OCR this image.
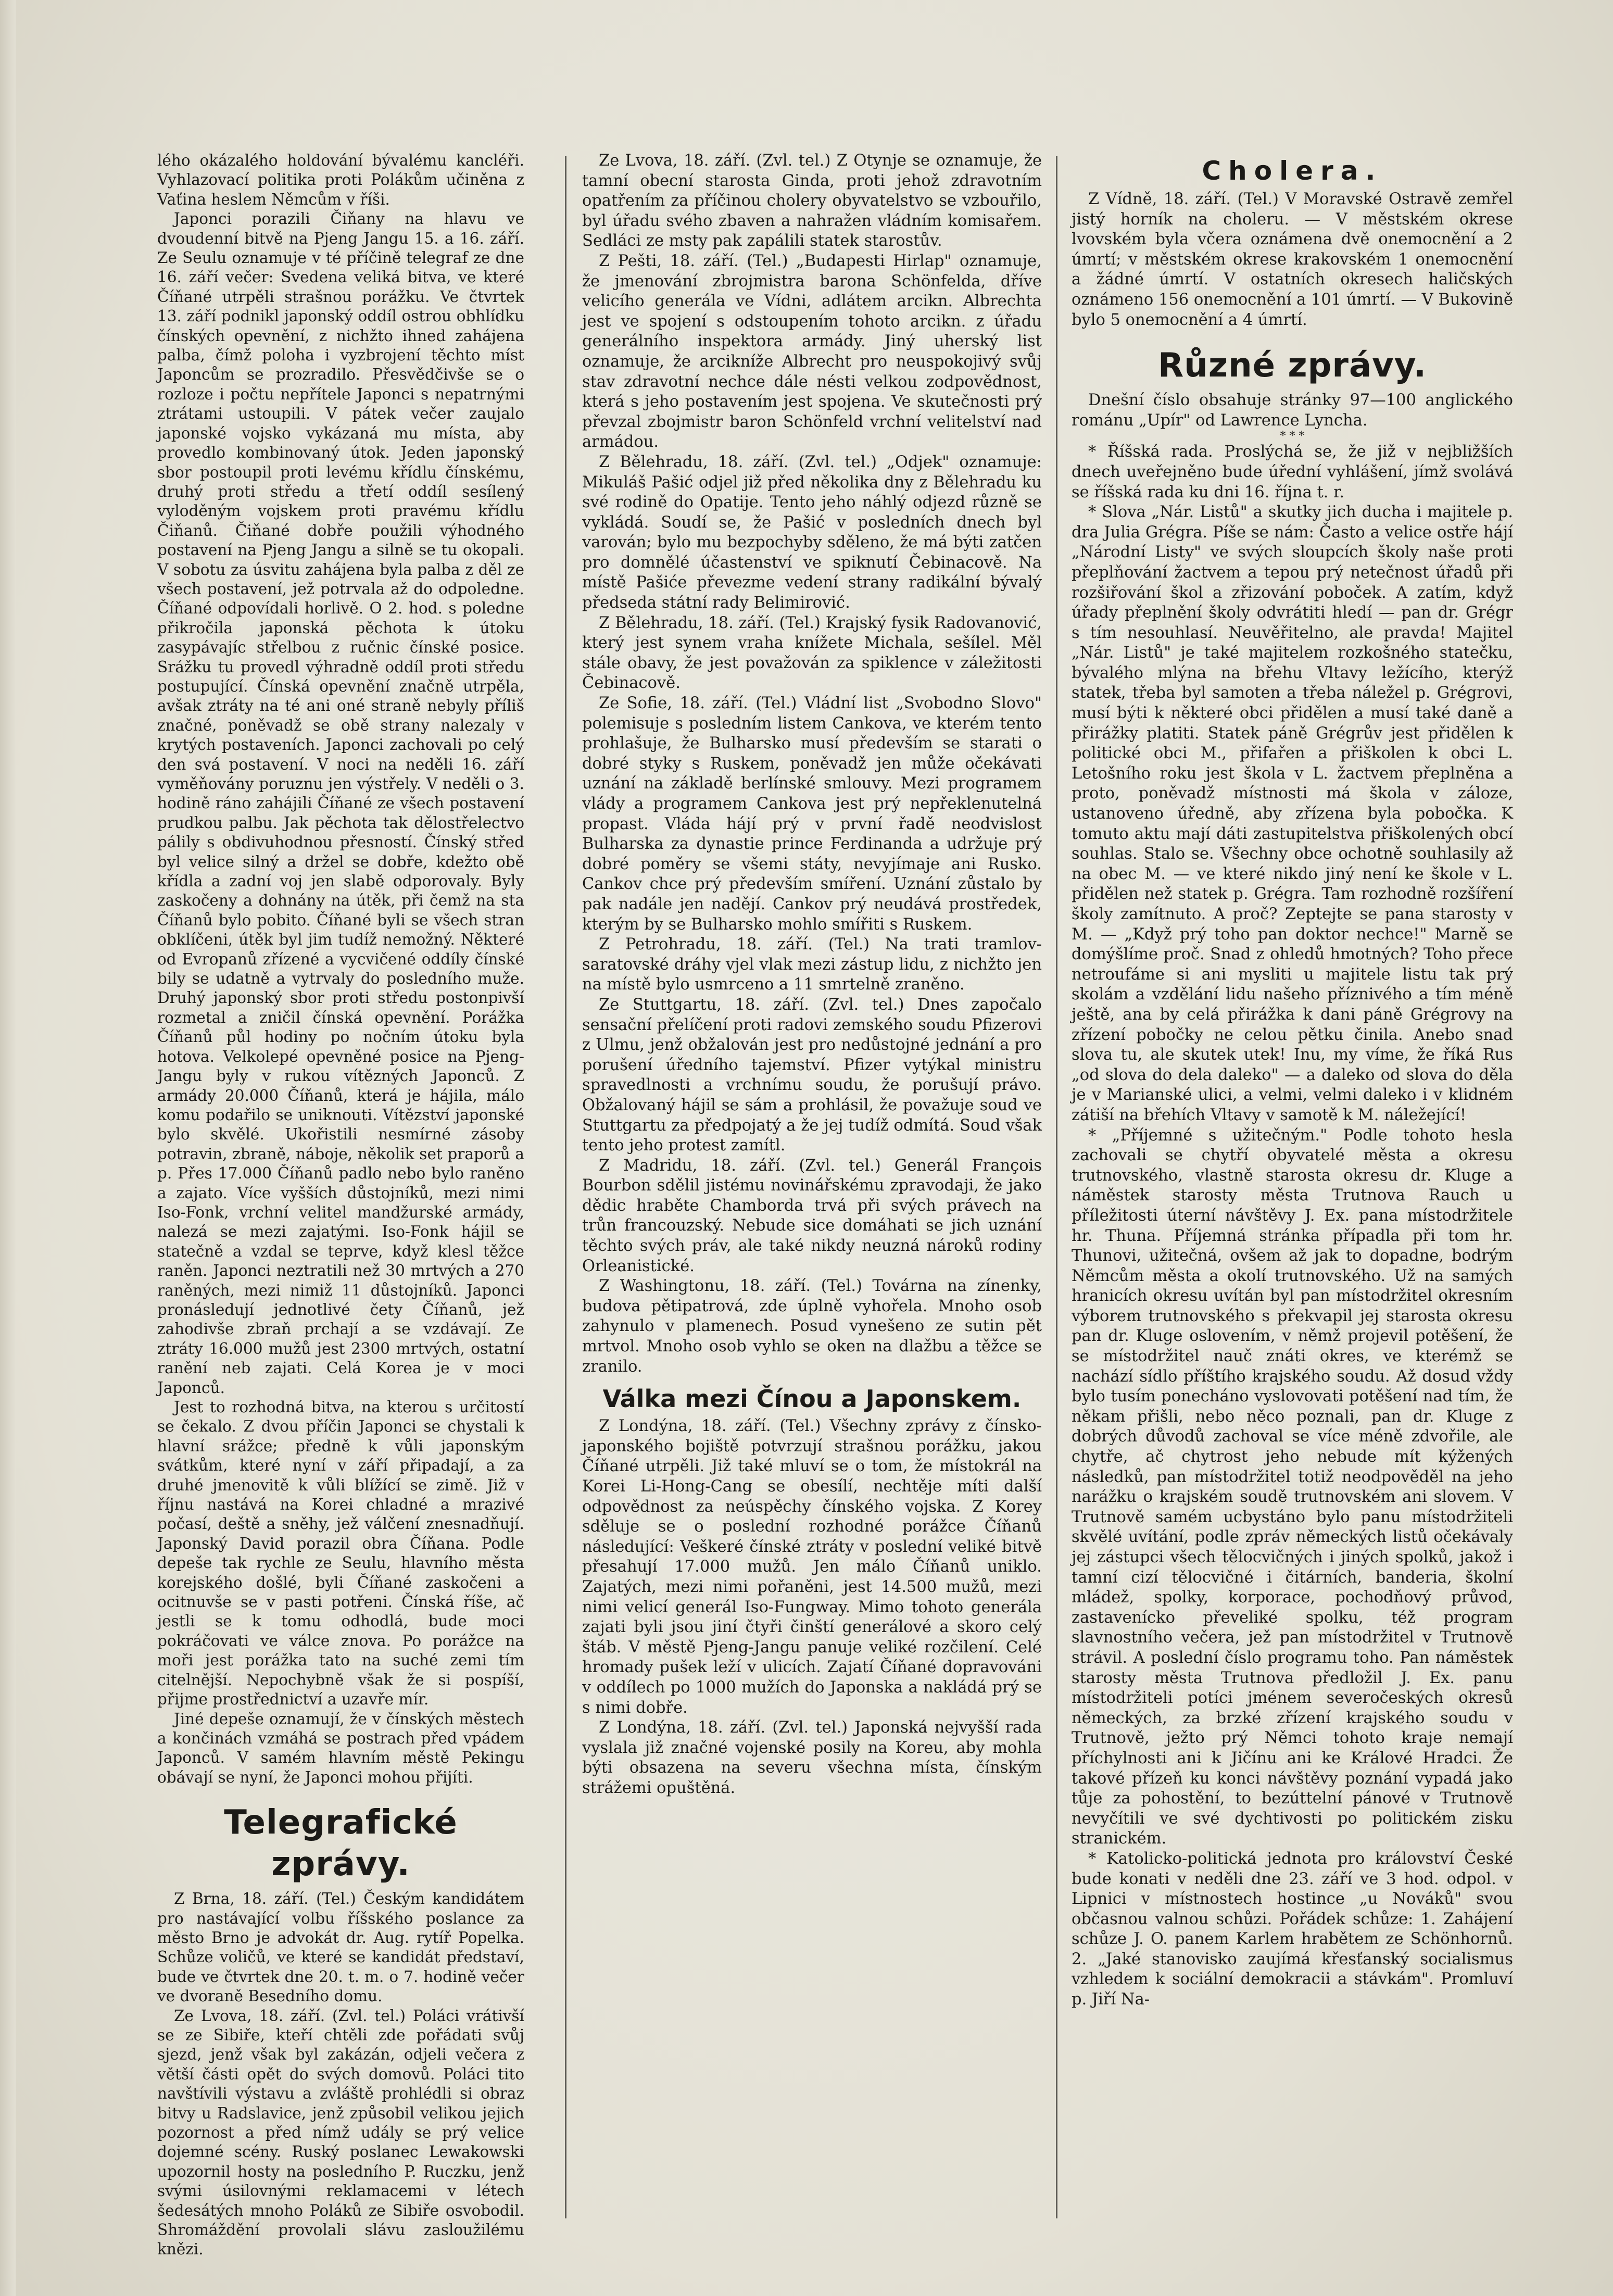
lého okázalého holdování bývalému kancléři. Vyhlazovací politika proti Polákům učiněna z Vaťina heslem Němcům v říši.

Japonci porazili Čiňany na hlavu ve dvoudenní bitvě na Pjeng Jangu 15. a 16. září. Ze Seulu oznamuje v té příčině telegraf ze dne 16. září večer: Svedena veliká bitva, ve které Číňané utrpěli strašnou porážku. Ve čtvrtek 13. září podnikl japonský oddíl ostrou obhlídku čínských opevnění, z nichžto ihned zahájena palba, čímž poloha i vyzbrojení těchto míst Japoncům se prozradilo. Přesvědčivše se o rozloze i počtu nepřítele Japonci s nepatrnými ztrátami ustoupili. V pátek večer zaujalo japonské vojsko vykázaná mu místa, aby provedlo kombinovaný útok. Jeden japonský sbor postoupil proti levému křídlu čínskému, druhý proti středu a třetí oddíl sesílený vyloděným vojskem proti pravému křídlu Čiňanů. Čiňané dobře použili výhodného postavení na Pjeng Jangu a silně se tu okopali. V sobotu za úsvitu zahájena byla palba z děl ze všech postavení, jež potrvala až do odpoledne. Číňané odpovídali horlivě. O 2. hod. s poledne přikročila japonská pěchota k útoku zasypávajíc střelbou z ručnic čínské posice. Srážku tu provedl výhradně oddíl proti středu postupující. Čínská opevnění značně utrpěla, avšak ztráty na té ani oné straně nebyly příliš značné, poněvadž se obě strany nalezaly v krytých postaveních. Japonci zachovali po celý den svá postavení. V noci na neděli 16. září vyměňovány poruznu jen výstřely. V neděli o 3. hodině ráno zahájili Číňané ze všech postavení prudkou palbu. Jak pěchota tak dělostřelectvo pálily s obdivuhodnou přesností. Čínský střed byl velice silný a držel se dobře, kdežto obě křídla a zadní voj jen slabě odporovaly. Byly zaskočeny a dohnány na útěk, při čemž na sta Číňanů bylo pobito. Číňané byli se všech stran obklíčeni, útěk byl jim tudíž nemožný. Některé od Evropanů zřízené a vycvičené oddíly čínské bily se udatně a vytrvaly do posledního muže. Druhý japonský sbor proti středu postonpivší rozmetal a zničil čínská opevnění. Porážka Číňanů půl hodiny po nočním útoku byla hotova. Velkolepé opevněné posice na Pjeng-Jangu byly v rukou vítězných Japonců. Z armády 20.000 Číňanů, která je hájila, málo komu podařilo se uniknouti. Vítězství japonské bylo skvělé. Ukořistili nesmírné zásoby potravin, zbraně, náboje, několik set praporů a p. Přes 17.000 Číňanů padlo nebo bylo raněno a zajato. Více vyšších důstojníků, mezi nimi Iso-Fonk, vrchní velitel mandžurské armády, nalezá se mezi zajatými. Iso-Fonk hájil se statečně a vzdal se teprve, když klesl těžce raněn. Japonci neztratili než 30 mrtvých a 270 raněných, mezi nimiž 11 důstojníků. Japonci pronásledují jednotlivé čety Číňanů, jež zahodivše zbraň prchají a se vzdávají. Ze ztráty 16.000 mužů jest 2300 mrtvých, ostatní ranění neb zajati. Celá Korea je v moci Japonců.

Jest to rozhodná bitva, na kterou s určitostí se čekalo. Z dvou příčin Japonci se chystali k hlavní srážce; předně k vůli japonským svátkům, které nyní v září připadají, a za druhé jmenovitě k vůli blížící se zimě. Již v říjnu nastává na Korei chladné a mrazivé počasí, deště a sněhy, jež válčení znesnadňují. Japonský David porazil obra Číňana. Podle depeše tak rychle ze Seulu, hlavního města korejského došlé, byli Číňané zaskočeni a ocitnuvše se v pasti potřeni. Čínská říše, ač jestli se k tomu odhodlá, bude moci pokráčovati ve válce znova. Po porážce na moři jest porážka tato na suché zemi tím citelnější. Nepochybně však že si pospíší, přijme prostřednictví a uzavře mír.

Jiné depeše oznamují, že v čínských městech a končinách vzmáhá se postrach před vpádem Japonců. V samém hlavním městě Pekingu obávají se nyní, že Japonci mohou přijíti.

Telegrafické zprávy.

Z Brna, 18. září. (Tel.) Českým kandidátem pro nastávající volbu říšského poslance za město Brno je advokát dr. Aug. rytíř Popelka. Schůze voličů, ve které se kandidát představí, bude ve čtvrtek dne 20. t. m. o 7. hodině večer ve dvoraně Besedního domu.

Ze Lvova, 18. září. (Zvl. tel.) Poláci vrátivší se ze Sibiře, kteří chtěli zde pořádati svůj sjezd, jenž však byl zakázán, odjeli večera z větší části opět do svých domovů. Poláci tito navštívili výstavu a zvláště prohlédli si obraz bitvy u Radslavice, jenž způsobil velikou jejich pozornost a před nímž udály se prý velice dojemné scény. Ruský poslanec Lewakowski upozornil hosty na posledního P. Ruczku, jenž svými úsilovnými reklamacemi v létech šedesátých mnoho Poláků ze Sibiře osvobodil. Shromáždění provolali slávu zasloužilému knězi.

Ze Lvova, 18. září. (Zvl. tel.) Z Otynje se oznamuje, že tamní obecní starosta Ginda, proti jehož zdravotním opatřením za příčinou cholery obyvatelstvo se vzbouřilo, byl úřadu svého zbaven a nahražen vládním komisařem. Sedláci ze msty pak zapálili statek starostův.

Z Pešti, 18. září. (Tel.) „Budapesti Hirlap" oznamuje, že jmenování zbrojmistra barona Schönfelda, dříve velicího generála ve Vídni, adlátem arcikn. Albrechta jest ve spojení s odstoupením tohoto arcikn. z úřadu generálního inspektora armády. Jiný uherský list oznamuje, že arcikníže Albrecht pro neuspokojivý svůj stav zdravotní nechce dále nésti velkou zodpovědnost, která s jeho postavením jest spojena. Ve skutečnosti prý převzal zbojmistr baron Schönfeld vrchní velitelství nad armádou.

Z Bělehradu, 18. září. (Zvl. tel.) „Odjek" oznamuje: Mikuláš Pašić odjel již před několika dny z Bělehradu ku své rodině do Opatije. Tento jeho náhlý odjezd různě se vykládá. Soudí se, že Pašić v posledních dnech byl varován; bylo mu bezpochyby sděleno, že má býti zatčen pro domnělé účastenství ve spiknutí Čebinacově. Na místě Pašiće převezme vedení strany radikální bývalý předseda státní rady Belimirović.

Z Bělehradu, 18. září. (Tel.) Krajský fysik Radovanović, který jest synem vraha knížete Michala, sešílel. Měl stále obavy, že jest považován za spiklence v záležitosti Čebinacově.

Ze Sofie, 18. září. (Tel.) Vládní list „Svobodno Slovo" polemisuje s posledním listem Cankova, ve kterém tento prohlašuje, že Bulharsko musí především se starati o dobré styky s Ruskem, poněvadž jen může očekávati uznání na základě berlínské smlouvy. Mezi programem vlády a programem Cankova jest prý nepřeklenutelná propast. Vláda hájí prý v první řadě neodvislost Bulharska za dynastie prince Ferdinanda a udržuje prý dobré poměry se všemi státy, nevyjímaje ani Rusko. Cankov chce prý především smíření. Uznání zůstalo by pak nadále jen nadějí. Cankov prý neudává prostředek, kterým by se Bulharsko mohlo smířiti s Ruskem.

Z Petrohradu, 18. září. (Tel.) Na trati tramlov-saratovské dráhy vjel vlak mezi zástup lidu, z nichžto jen na místě bylo usmrceno a 11 smrtelně zraněno.

Ze Stuttgartu, 18. září. (Zvl. tel.) Dnes započalo sensační přelíčení proti radovi zemského soudu Pfizerovi z Ulmu, jenž obžalován jest pro nedůstojné jednání a pro porušení úředního tajemství. Pfizer vytýkal ministru spravedlnosti a vrchnímu soudu, že porušují právo. Obžalovaný hájil se sám a prohlásil, že považuje soud ve Stuttgartu za předpojatý a že jej tudíž odmítá. Soud však tento jeho protest zamítl.

Z Madridu, 18. září. (Zvl. tel.) Generál François Bourbon sdělil jistému novinářskému zpravodaji, že jako dědic hraběte Chamborda trvá při svých právech na trůn francouzský. Nebude sice domáhati se jich uznání těchto svých práv, ale také nikdy neuzná nároků rodiny Orleanistické.

Z Washingtonu, 18. září. (Tel.) Továrna na zínenky, budova pětipatrová, zde úplně vyhořela. Mnoho osob zahynulo v plamenech. Posud vynešeno ze sutin pět mrtvol. Mnoho osob vyhlo se oken na dlažbu a těžce se zranilo.

Válka mezi Čínou a Japonskem.

Z Londýna, 18. září. (Tel.) Všechny zprávy z čínsko-japonského bojiště potvrzují strašnou porážku, jakou Číňané utrpěli. Již také mluví se o tom, že místokrál na Korei Li-Hong-Cang se obesílí, nechtěje míti další odpovědnost za neúspěchy čínského vojska. Z Korey sděluje se o poslední rozhodné porážce Číňanů následující: Veškeré čínské ztráty v poslední veliké bitvě přesahují 17.000 mužů. Jen málo Číňanů uniklo. Zajatých, mezi nimi pořaněni, jest 14.500 mužů, mezi nimi velicí generál Iso-Fungway. Mimo tohoto generála zajati byli jsou jiní čtyři činští generálové a skoro celý štáb. V městě Pjeng-Jangu panuje veliké rozčilení. Celé hromady pušek leží v ulicích. Zajatí Číňané dopravováni v oddílech po 1000 mužích do Japonska a nakládá prý se s nimi dobře.

Z Londýna, 18. září. (Zvl. tel.) Japonská nejvyšší rada vyslala již značné vojenské posily na Koreu, aby mohla býti obsazena na severu všechna místa, čínským strážemi opuštěná.

Cholera.

Z Vídně, 18. září. (Tel.) V Moravské Ostravě zemřel jistý horník na choleru. — V městském okrese lvovském byla včera oznámena dvě onemocnění a 2 úmrtí; v městském okrese krakovském 1 onemocnění a žádné úmrtí. V ostatních okresech haličských oznámeno 156 onemocnění a 101 úmrtí. — V Bukovině bylo 5 onemocnění a 4 úmrtí.

Různé zprávy.

Dnešní číslo obsahuje stránky 97—100 anglického románu „Upír" od Lawrence Lyncha.

* * *

* Říšská rada. Proslýchá se, že již v nejbližších dnech uveřejněno bude úřední vyhlášení, jímž svolává se říšská rada ku dni 16. října t. r.

* Slova „Nár. Listů" a skutky jich ducha i majitele p. dra Julia Grégra. Píše se nám: Často a velice ostře hájí „Národní Listy" ve svých sloupcích školy naše proti přeplňování žactvem a tepou prý netečnost úřadů při rozšiřování škol a zřizování poboček. A zatím, když úřady přeplnění školy odvrátiti hledí — pan dr. Grégr s tím nesouhlasí. Neuvěřitelno, ale pravda! Majitel „Nár. Listů" je také majitelem rozkošného statečku, bývalého mlýna na břehu Vltavy ležícího, kterýž statek, třeba byl samoten a třeba náležel p. Grégrovi, musí býti k některé obci přidělen a musí také daně a přirážky platiti. Statek páně Grégrův jest přidělen k politické obci M., přifařen a přiškolen k obci L. Letošního roku jest škola v L. žactvem přeplněna a proto, poněvadž místnosti má škola v záloze, ustanoveno úředně, aby zřízena byla pobočka. K tomuto aktu mají dáti zastupitelstva přiškolených obcí souhlas. Stalo se. Všechny obce ochotně souhlasily až na obec M. — ve které nikdo jiný není ke škole v L. přidělen než statek p. Grégra. Tam rozhodně rozšíření školy zamítnuto. A proč? Zeptejte se pana starosty v M. — „Když prý toho pan doktor nechce!" Marně se domýšlíme proč. Snad z ohledů hmotných? Toho přece netroufáme si ani mysliti u majitele listu tak prý skolám a vzdělání lidu našeho příznivého a tím méně ještě, ana by celá přirážka k dani páně Grégrovy na zřízení pobočky ne celou pětku činila. Anebo snad slova tu, ale skutek utek! Inu, my víme, že říká Rus „od slova do dela daleko" — a daleko od slova do děla je v Marianské ulici, a velmi, velmi daleko i v klidném zátiší na břehích Vltavy v samotě k M. náležející!

* „Příjemné s užitečným." Podle tohoto hesla zachovali se chytří obyvatelé města a okresu trutnovského, vlastně starosta okresu dr. Kluge a náměstek starosty města Trutnova Rauch u příležitosti úterní návštěvy J. Ex. pana místodržitele hr. Thuna. Příjemná stránka případla při tom hr. Thunovi, užitečná, ovšem až jak to dopadne, bodrým Němcům města a okolí trutnovského. Už na samých hranicích okresu uvítán byl pan místodržitel okresním výborem trutnovského s překvapil jej starosta okresu pan dr. Kluge oslovením, v němž projevil potěšení, že se místodržitel nauč znáti okres, ve kterémž se nachází sídlo příštího krajského soudu. Až dosud vždy bylo tusím ponecháno vyslovovati potěšení nad tím, že někam přišli, nebo něco poznali, pan dr. Kluge z dobrých důvodů zachoval se více méně zdvořile, ale chytře, ač chytrost jeho nebude mít kýžených následků, pan místodržitel totiž neodpověděl na jeho narážku o krajském soudě trutnovském ani slovem. V Trutnově samém ucbystáno bylo panu místodržiteli skvělé uvítání, podle zpráv německých listů očekávaly jej zástupci všech tělocvičných i jiných spolků, jakož i tamní cizí tělocvičné i čitárních, banderia, školní mládež, spolky, korporace, pochodňový průvod, zastavenícko převeliké spolku, též program slavnostního večera, jež pan místodržitel v Trutnově strávil. A poslední číslo programu toho. Pan náměstek starosty města Trutnova předložil J. Ex. panu místodržiteli potíci jménem severočeských okresů německých, za brzké zřízení krajského soudu v Trutnově, ježto prý Němci tohoto kraje nemají příchylnosti ani k Jičínu ani ke Králové Hradci. Že takové přízeň ku konci návštěvy poznání vypadá jako tůje za pohostění, to bezúttelní pánové v Trutnově nevyčítili ve své dychtivosti po politickém zisku stranickém.

* Katolicko-politická jednota pro království České bude konati v neděli dne 23. září ve 3 hod. odpol. v Lipnici v místnostech hostince „u Nováků" svou občasnou valnou schůzi. Pořádek schůze: 1. Zahájení schůze J. O. panem Karlem hrabětem ze Schönhornů. 2. „Jaké stanovisko zaujímá křesťanský socialismus vzhledem k sociální demokracii a stávkám". Promluví p. Jiří Na-
